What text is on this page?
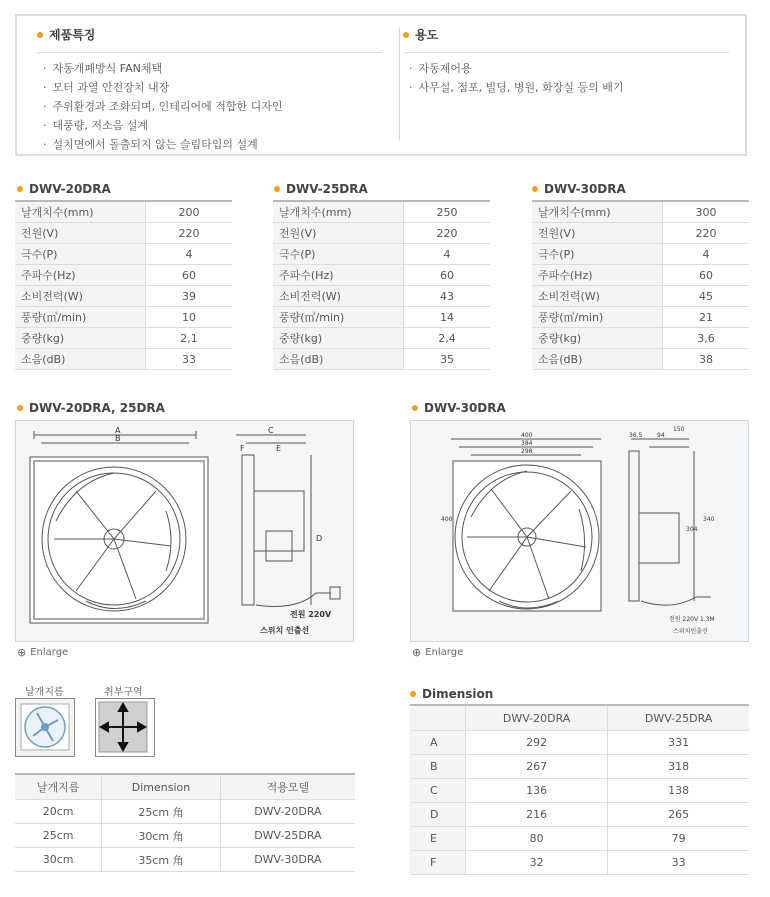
제품특징
· 자동개폐방식 FAN채택
· 모터 과열 안전장치 내장
· 주위환경과 조화되며, 인테리어에 적합한 디자인
· 대풍량, 저소음 설계
· 설치면에서 돌출되지 않는 슬림타입의 설계
용도
· 자동제어용
· 사무실, 점포, 빌딩, 병원, 화장실 등의 배기
DWV-20DRA
날개치수(mm)	200
전원(V)	220
극수(P)	4
주파수(Hz)	60
소비전력(W)	39
풍량(㎥/min)	10
중량(kg)	2,1
소음(dB)	33
DWV-25DRA
날개치수(mm)	250
전원(V)	220
극수(P)	4
주파수(Hz)	60
소비전력(W)	43
풍량(㎥/min)	14
중량(kg)	2,4
소음(dB)	35
DWV-30DRA
날개치수(mm)	300
전원(V)	220
극수(P)	4
주파수(Hz)	60
소비전력(W)	45
풍량(㎥/min)	21
중량(kg)	3,6
소음(dB)	38
DWV-20DRA, 25DRA
A
B
C
D
E
F
전원 220V
스위치 인출선
⊕ Enlarge
DWV-30DRA
400
384
298
400	340
304
150
36.5 94
전원 220V 1.3M
스위치인출선
⊕ Enlarge
날개지름	취부구역
날개지름	Dimension	적용모델
20cm	25cm 角	DWV-20DRA
25cm	30cm 角	DWV-25DRA
30cm	35cm 角	DWV-30DRA
Dimension
	DWV-20DRA	DWV-25DRA
A	292	331
B	267	318
C	136	138
D	216	265
E	80	79
F	32	33
